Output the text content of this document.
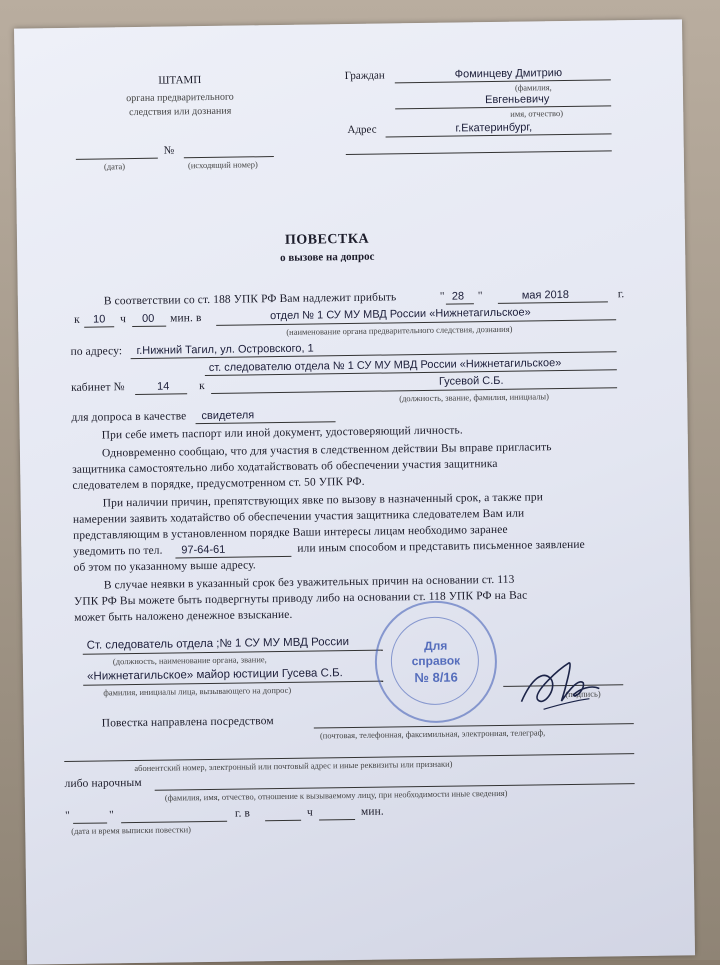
ШТАМП
органа предварительного
следствия или дознания
№
(дата)	(исходящий номер)
Граждан	Фоминцеву Дмитрию
(фамилия,
Евгеньевичу
имя, отчество)
Адрес	г.Екатеринбург,
ПОВЕСТКА
о вызове на допрос
В соответствии со ст. 188 УПК РФ Вам надлежит прибыть	" 28 "	мая 2018	г.
к 10 ч 00 мин. в	отдел № 1 СУ МУ МВД России «Нижнетагильское»
(наименование органа предварительного следствия, дознания)
по адресу: г.Нижний Тагил, ул. Островского, 1
ст. следователю отдела № 1 СУ МУ МВД России «Нижнетагильское»
кабинет №	14	к	Гусевой С.Б.
(должность, звание, фамилия, инициалы)
для допроса в качестве свидетеля
При себе иметь паспорт или иной документ, удостоверяющий личность.
Одновременно сообщаю, что для участия в следственном действии Вы вправе пригласить
защитника самостоятельно либо ходатайствовать об обеспечении участия защитника
следователем в порядке, предусмотренном ст. 50 УПК РФ.
При наличии причин, препятствующих явке по вызову в назначенный срок, а также при
намерении заявить ходатайство об обеспечении участия защитника следователем Вам или
представляющим в установленном порядке Ваши интересы лицам необходимо заранее
уведомить по тел. 97-64-61	или иным способом и представить письменное заявление
об этом по указанному выше адресу.
В случае неявки в указанный срок без уважительных причин на основании ст. 113
УПК РФ Вы можете быть подвергнуты приводу либо на основании ст. 118 УПК РФ на Вас
может быть наложено денежное взыскание.
Ст. следователь отдела ;№ 1 СУ МУ МВД России
(должность, наименование органа, звание,
«Нижнетагильское» майор юстиции Гусева С.Б.
фамилия, инициалы лица, вызывающего на допрос)	(подпись)
Для
справок
№ 8/16
Повестка направлена посредством
(почтовая, телефонная, факсимильная, электронная, телеграф,
абонентский номер, электронный или почтовый адрес и иные реквизиты или признаки)
либо нарочным
(фамилия, имя, отчество, отношение к вызываемому лицу, при необходимости иные сведения)
"	"	г. в	ч	мин.
(дата и время выписки повестки)
